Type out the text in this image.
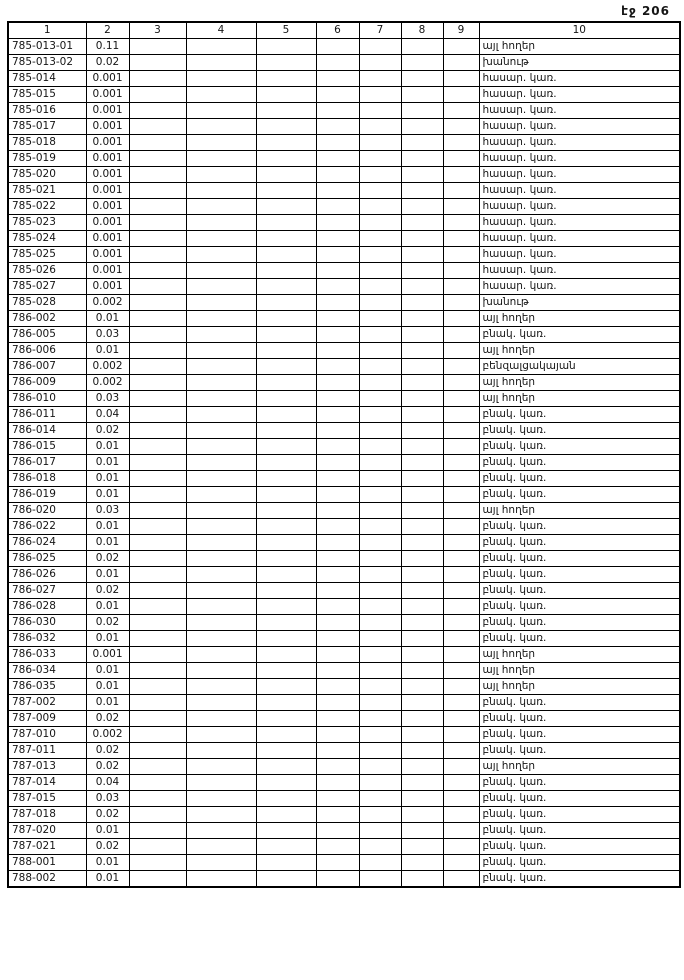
էջ 206
1	2	3	4	5	6	7	8	9	10
785-013-01	0.11								այլ հողեր
785-013-02	0.02								խանութ
785-014	0.001								հասար. կառ.
785-015	0.001								հասար. կառ.
785-016	0.001								հասար. կառ.
785-017	0.001								հասար. կառ.
785-018	0.001								հասար. կառ.
785-019	0.001								հասար. կառ.
785-020	0.001								հասար. կառ.
785-021	0.001								հասար. կառ.
785-022	0.001								հասար. կառ.
785-023	0.001								հասար. կառ.
785-024	0.001								հասար. կառ.
785-025	0.001								հասար. կառ.
785-026	0.001								հասար. կառ.
785-027	0.001								հասար. կառ.
785-028	0.002								խանութ
786-002	0.01								այլ հողեր
786-005	0.03								բնակ. կառ.
786-006	0.01								այլ հողեր
786-007	0.002								բենզալցակայան
786-009	0.002								այլ հողեր
786-010	0.03								այլ հողեր
786-011	0.04								բնակ. կառ.
786-014	0.02								բնակ. կառ.
786-015	0.01								բնակ. կառ.
786-017	0.01								բնակ. կառ.
786-018	0.01								բնակ. կառ.
786-019	0.01								բնակ. կառ.
786-020	0.03								այլ հողեր
786-022	0.01								բնակ. կառ.
786-024	0.01								բնակ. կառ.
786-025	0.02								բնակ. կառ.
786-026	0.01								բնակ. կառ.
786-027	0.02								բնակ. կառ.
786-028	0.01								բնակ. կառ.
786-030	0.02								բնակ. կառ.
786-032	0.01								բնակ. կառ.
786-033	0.001								այլ հողեր
786-034	0.01								այլ հողեր
786-035	0.01								այլ հողեր
787-002	0.01								բնակ. կառ.
787-009	0.02								բնակ. կառ.
787-010	0.002								բնակ. կառ.
787-011	0.02								բնակ. կառ.
787-013	0.02								այլ հողեր
787-014	0.04								բնակ. կառ.
787-015	0.03								բնակ. կառ.
787-018	0.02								բնակ. կառ.
787-020	0.01								բնակ. կառ.
787-021	0.02								բնակ. կառ.
788-001	0.01								բնակ. կառ.
788-002	0.01								բնակ. կառ.
